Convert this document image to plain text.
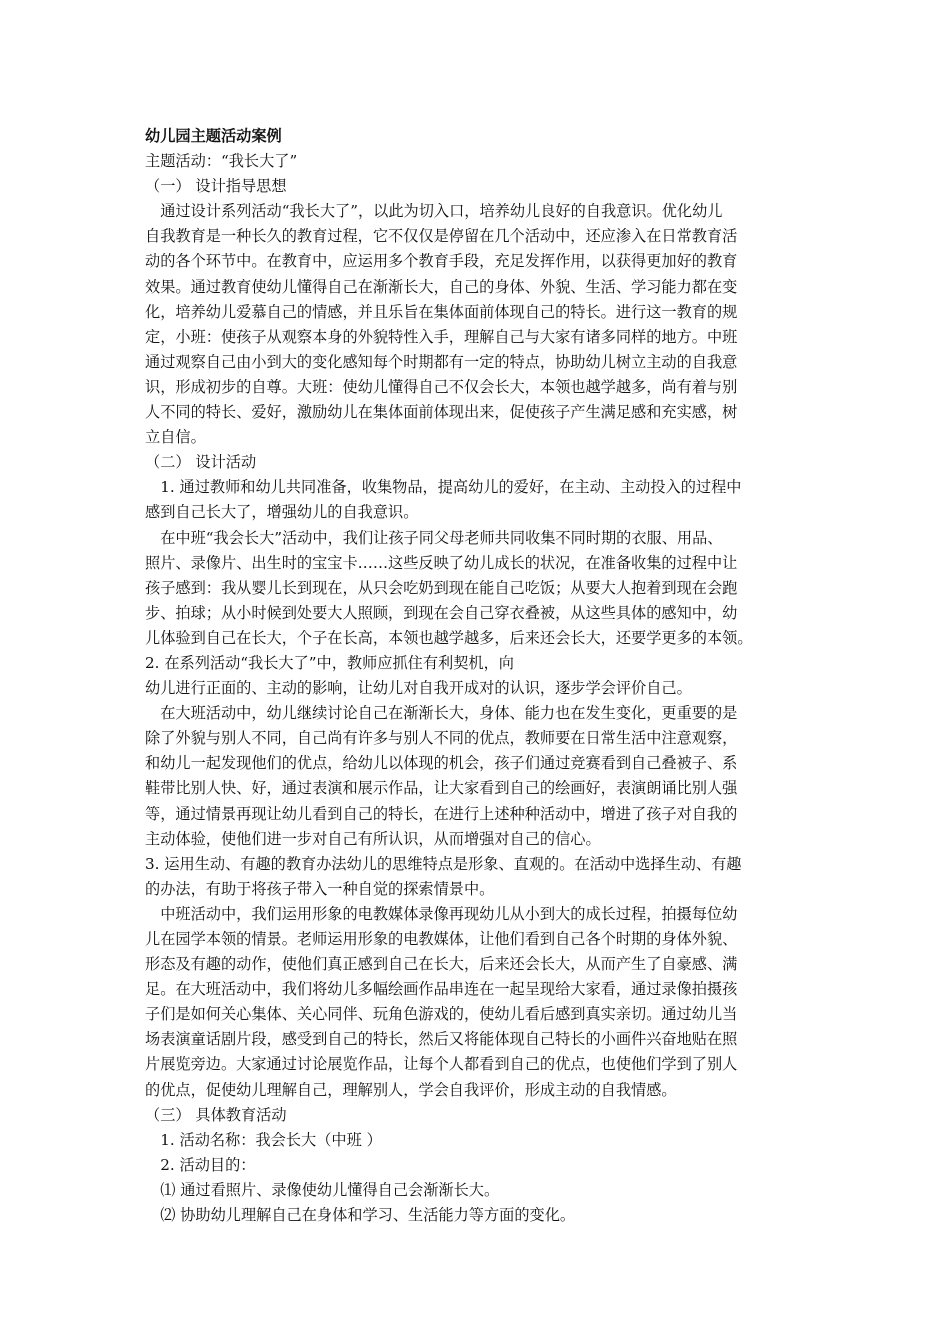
幼儿园主题活动案例
主题活动：“我长大了”
（一） 设计指导思想
　通过设计系列活动“我长大了”，以此为切入口，培养幼儿良好的自我意识。优化幼儿
自我教育是一种长久的教育过程，它不仅仅是停留在几个活动中，还应渗入在日常教育活
动的各个环节中。在教育中，应运用多个教育手段，充足发挥作用，以获得更加好的教育
效果。通过教育使幼儿懂得自己在渐渐长大，自己的身体、外貌、生活、学习能力都在变
化，培养幼儿爱慕自己的情感，并且乐旨在集体面前体现自己的特长。进行这一教育的规
定，小班：使孩子从观察本身的外貌特性入手，理解自己与大家有诸多同样的地方。中班
通过观察自己由小到大的变化感知每个时期都有一定的特点，协助幼儿树立主动的自我意
识，形成初步的自尊。大班：使幼儿懂得自己不仅会长大，本领也越学越多，尚有着与别
人不同的特长、爱好，激励幼儿在集体面前体现出来，促使孩子产生满足感和充实感，树
立自信。
（二） 设计活动
　1. 通过教师和幼儿共同准备，收集物品，提高幼儿的爱好，在主动、主动投入的过程中
感到自己长大了，增强幼儿的自我意识。
　在中班“我会长大”活动中，我们让孩子同父母老师共同收集不同时期的衣服、用品、
照片、录像片、出生时的宝宝卡……这些反映了幼儿成长的状况，在准备收集的过程中让
孩子感到：我从婴儿长到现在，从只会吃奶到现在能自己吃饭；从要大人抱着到现在会跑
步、拍球；从小时候到处要大人照顾，到现在会自己穿衣叠被，从这些具体的感知中，幼
儿体验到自己在长大，个子在长高，本领也越学越多，后来还会长大，还要学更多的本领。
2. 在系列活动“我长大了”中，教师应抓住有利契机，向
幼儿进行正面的、主动的影响，让幼儿对自我开成对的认识，逐步学会评价自己。
　在大班活动中，幼儿继续讨论自己在渐渐长大，身体、能力也在发生变化，更重要的是
除了外貌与别人不同，自己尚有许多与别人不同的优点，教师要在日常生活中注意观察，
和幼儿一起发现他们的优点，给幼儿以体现的机会，孩子们通过竞赛看到自己叠被子、系
鞋带比别人快、好，通过表演和展示作品，让大家看到自己的绘画好，表演朗诵比别人强
等，通过情景再现让幼儿看到自己的特长，在进行上述种种活动中，增进了孩子对自我的
主动体验，使他们进一步对自己有所认识，从而增强对自己的信心。
3. 运用生动、有趣的教育办法幼儿的思维特点是形象、直观的。在活动中选择生动、有趣
的办法，有助于将孩子带入一种自觉的探索情景中。
　中班活动中，我们运用形象的电教媒体录像再现幼儿从小到大的成长过程，拍摄每位幼
儿在园学本领的情景。老师运用形象的电教媒体，让他们看到自己各个时期的身体外貌、
形态及有趣的动作，使他们真正感到自己在长大，后来还会长大，从而产生了自豪感、满
足。在大班活动中，我们将幼儿多幅绘画作品串连在一起呈现给大家看，通过录像拍摄孩
子们是如何关心集体、关心同伴、玩角色游戏的，使幼儿看后感到真实亲切。通过幼儿当
场表演童话剧片段，感受到自己的特长，然后又将能体现自己特长的小画件兴奋地贴在照
片展览旁边。大家通过讨论展览作品，让每个人都看到自己的优点，也使他们学到了别人
的优点，促使幼儿理解自己，理解别人，学会自我评价，形成主动的自我情感。
（三） 具体教育活动
　1. 活动名称：我会长大（中班 ）
　2. 活动目的：
　⑴ 通过看照片、录像使幼儿懂得自己会渐渐长大。
　⑵ 协助幼儿理解自己在身体和学习、生活能力等方面的变化。
